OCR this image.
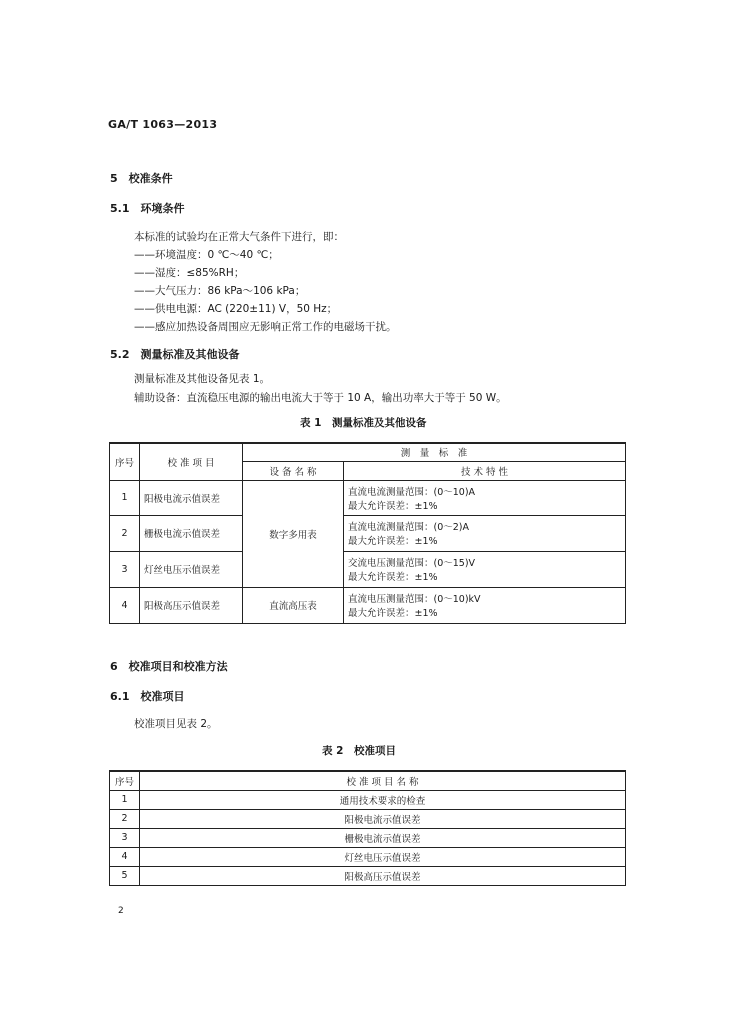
GA/T 1063—2013
5　校准条件
5.1　环境条件
本标准的试验均在正常大气条件下进行，即：
——环境温度：0 ℃～40 ℃；
——湿度：≤85%RH；
——大气压力：86 kPa～106 kPa；
——供电电源：AC (220±11) V，50 Hz；
——感应加热设备周围应无影响正常工作的电磁场干扰。
5.2　测量标准及其他设备
测量标准及其他设备见表 1。
辅助设备：直流稳压电源的输出电流大于等于 10 A，输出功率大于等于 50 W。
表 1　测量标准及其他设备
序号	校 准 项 目	测　量　标　准	
		设 备 名 称	技 术 特 性
1	阳极电流示值误差	数字多用表	直流电流测量范围：(0～10)A
最大允许误差：±1%

2	栅极电流示值误差		直流电流测量范围：(0～2)A
最大允许误差：±1%

3	灯丝电压示值误差		交流电压测量范围：(0～15)V
最大允许误差：±1%

4	阳极高压示值误差	直流高压表	直流电压测量范围：(0～10)kV
最大允许误差：±1%
6　校准项目和校准方法
6.1　校准项目
校准项目见表 2。
表 2　校准项目
序号	校 准 项 目 名 称
1	通用技术要求的检查
2	阳极电流示值误差
3	栅极电流示值误差
4	灯丝电压示值误差
5	阳极高压示值误差
2
